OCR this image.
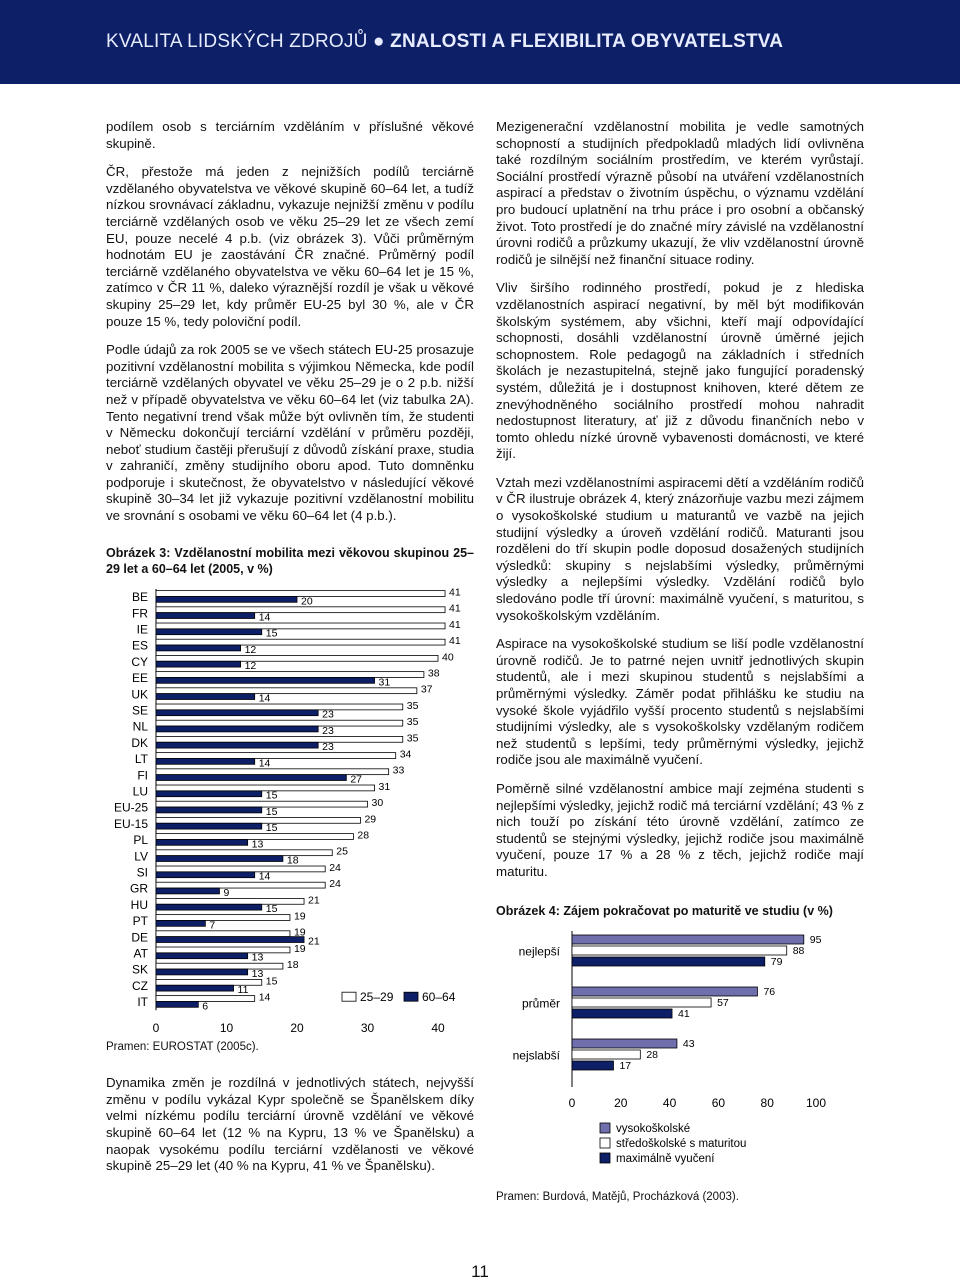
KVALITA LIDSKÝCH ZDROJŮ ● ZNALOSTI A FLEXIBILITA OBYVATELSTVA

podílem osob s terciárním vzděláním v příslušné věkové skupině.

ČR, přestože má jeden z nejnižších podílů terciárně vzdělaného obyvatelstva ve věkové skupině 60–64 let, a tudíž nízkou srovnávací základnu, vykazuje nejnižší změnu v podílu terciárně vzdělaných osob ve věku 25–29 let ze všech zemí EU, pouze necelé 4 p.b. (viz obrázek 3). Vůči průměrným hodnotám EU je zaostávání ČR značné. Průměrný podíl terciárně vzdělaného obyvatelstva ve věku 60–64 let je 15 %, zatímco v ČR 11 %, daleko výraznější rozdíl je však u věkové skupiny 25–29 let, kdy průměr EU-25 byl 30 %, ale v ČR pouze 15 %, tedy poloviční podíl.

Podle údajů za rok 2005 se ve všech státech EU-25 prosazuje pozitivní vzdělanostní mobilita s výjimkou Německa, kde podíl terciárně vzdělaných obyvatel ve věku 25–29 je o 2 p.b. nižší než v případě obyvatelstva ve věku 60–64 let (viz tabulka 2A). Tento negativní trend však může být ovlivněn tím, že studenti v Německu dokončují terciární vzdělání v průměru později, neboť studium častěji přerušují z důvodů získání praxe, studia v zahraničí, změny studijního oboru apod. Tuto domněnku podporuje i skutečnost, že obyvatelstvo v následující věkové skupině 30–34 let již vykazuje pozitivní vzdělanostní mobilitu ve srovnání s osobami ve věku 60–64 let (4 p.b.).

Obrázek 3: Vzdělanostní mobilita mezi věkovou skupinou 25–29 let a 60–64 let (2005, v %)
BE	41
20
FR	41
14
IE	41
15
ES	41
12
CY	40
12
EE	38
31
UK	37
14
SE	35
23
NL	35
23
DK	35
23
LT	34
14
FI	33
27
LU	31
15
EU-25	30
15
EU-15	29
15
PL	28
13
LV	25
18
SI	24
14
GR	24
9
HU	21
15
PT	19
7
DE	19
21
AT	19
13
SK	18
13
CZ	15
11
IT	14
6
0	10	20	30	40
25–29 60–64
Pramen: EUROSTAT (2005c).

Dynamika změn je rozdílná v jednotlivých státech, nejvyšší změnu v podílu vykázal Kypr společně se Španělskem díky velmi nízkému podílu terciární úrovně vzdělání ve věkové skupině 60–64 let (12 % na Kypru, 13 % ve Španělsku) a naopak vysokému podílu terciární vzdělanosti ve věkové skupině 25–29 let (40 % na Kypru, 41 % ve Španělsku).

Mezigenerační vzdělanostní mobilita je vedle samotných schopností a studijních předpokladů mladých lidí ovlivněna také rozdílným sociálním prostředím, ve kterém vyrůstají. Sociální prostředí výrazně působí na utváření vzdělanostních aspirací a představ o životním úspěchu, o významu vzdělání pro budoucí uplatnění na trhu práce i pro osobní a občanský život. Toto prostředí je do značné míry závislé na vzdělanostní úrovni rodičů a průzkumy ukazují, že vliv vzdělanostní úrovně rodičů je silnější než finanční situace rodiny.

Vliv širšího rodinného prostředí, pokud je z hlediska vzdělanostních aspirací negativní, by měl být modifikován školským systémem, aby všichni, kteří mají odpovídající schopnosti, dosáhli vzdělanostní úrovně úměrné jejich schopnostem. Role pedagogů na základních i středních školách je nezastupitelná, stejně jako fungující poradenský systém, důležitá je i dostupnost knihoven, které dětem ze znevýhodněného sociálního prostředí mohou nahradit nedostupnost literatury, ať již z důvodu finančních nebo v tomto ohledu nízké úrovně vybavenosti domácnosti, ve které žijí.

Vztah mezi vzdělanostními aspiracemi dětí a vzděláním rodičů v ČR ilustruje obrázek 4, který znázorňuje vazbu mezi zájmem o vysokoškolské studium u maturantů ve vazbě na jejich studijní výsledky a úroveň vzdělání rodičů. Maturanti jsou rozděleni do tří skupin podle doposud dosažených studijních výsledků: skupiny s nejslabšími výsledky, průměrnými výsledky a nejlepšími výsledky. Vzdělání rodičů bylo sledováno podle tří úrovní: maximálně vyučení, s maturitou, s vysokoškolským vzděláním.

Aspirace na vysokoškolské studium se liší podle vzdělanostní úrovně rodičů. Je to patrné nejen uvnitř jednotlivých skupin studentů, ale i mezi skupinou studentů s nejslabšími a průměrnými výsledky. Záměr podat přihlášku ke studiu na vysoké škole vyjádřilo vyšší procento studentů s nejslabšími studijními výsledky, ale s vysokoškolsky vzdělaným rodičem než studentů s lepšími, tedy průměrnými výsledky, jejichž rodiče jsou ale maximálně vyučení.

Poměrně silné vzdělanostní ambice mají zejména studenti s nejlepšími výsledky, jejichž rodič má terciární vzdělání; 43 % z nich touží po získání této úrovně vzdělání, zatímco ze studentů se stejnými výsledky, jejichž rodiče jsou maximálně vyučení, pouze 17 % a 28 % z těch, jejichž rodiče mají maturitu.

Obrázek 4: Zájem pokračovat po maturitě ve studiu (v %)
nejlepší
95
88
79
průměr
76
57
41
nejslabší
43
28
17
0	20	40	60	80	100
vysokoškolské
středoškolské s maturitou
maximálně vyučení
Pramen: Burdová, Matějů, Procházková (2003).
11
